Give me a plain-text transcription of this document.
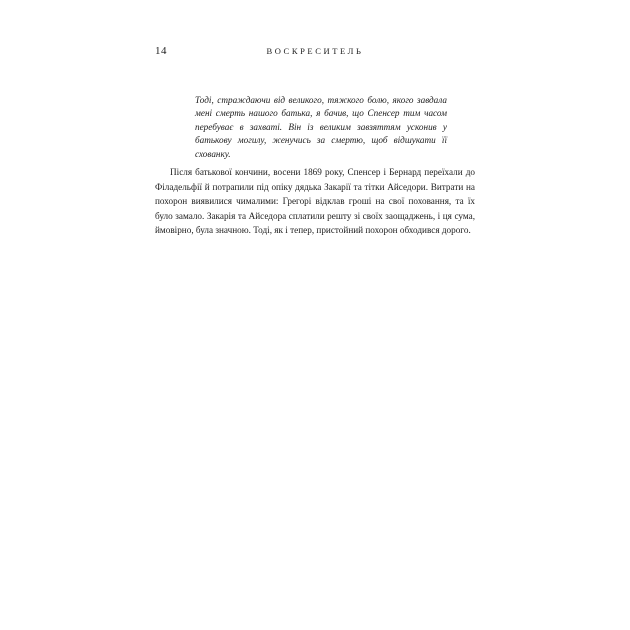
14	ВОСКРЕСИТЕЛЬ

Тоді, страждаючи від великого, тяжкого болю, якого завдала мені смерть нашого батька, я бачив, що Спенсер тим часом перебуває в захваті. Він із великим завзяттям усконив у батькову могилу, женучись за смертю, щоб відшукати її схованку.

Після батькової кончини, восени 1869 року, Спенсер і Бернард переїхали до Філадельфії й потрапили під опіку дядька Закарії та тітки Айседори. Витрати на похорон виявилися чималими: Грегорі відклав гроші на свої поховання, та їх було замало. Закарія та Айседора сплатили решту зі своїх заощаджень, і ця сума, ймовірно, була значною. Тоді, як і тепер, пристойний похорон обходився дорого.
